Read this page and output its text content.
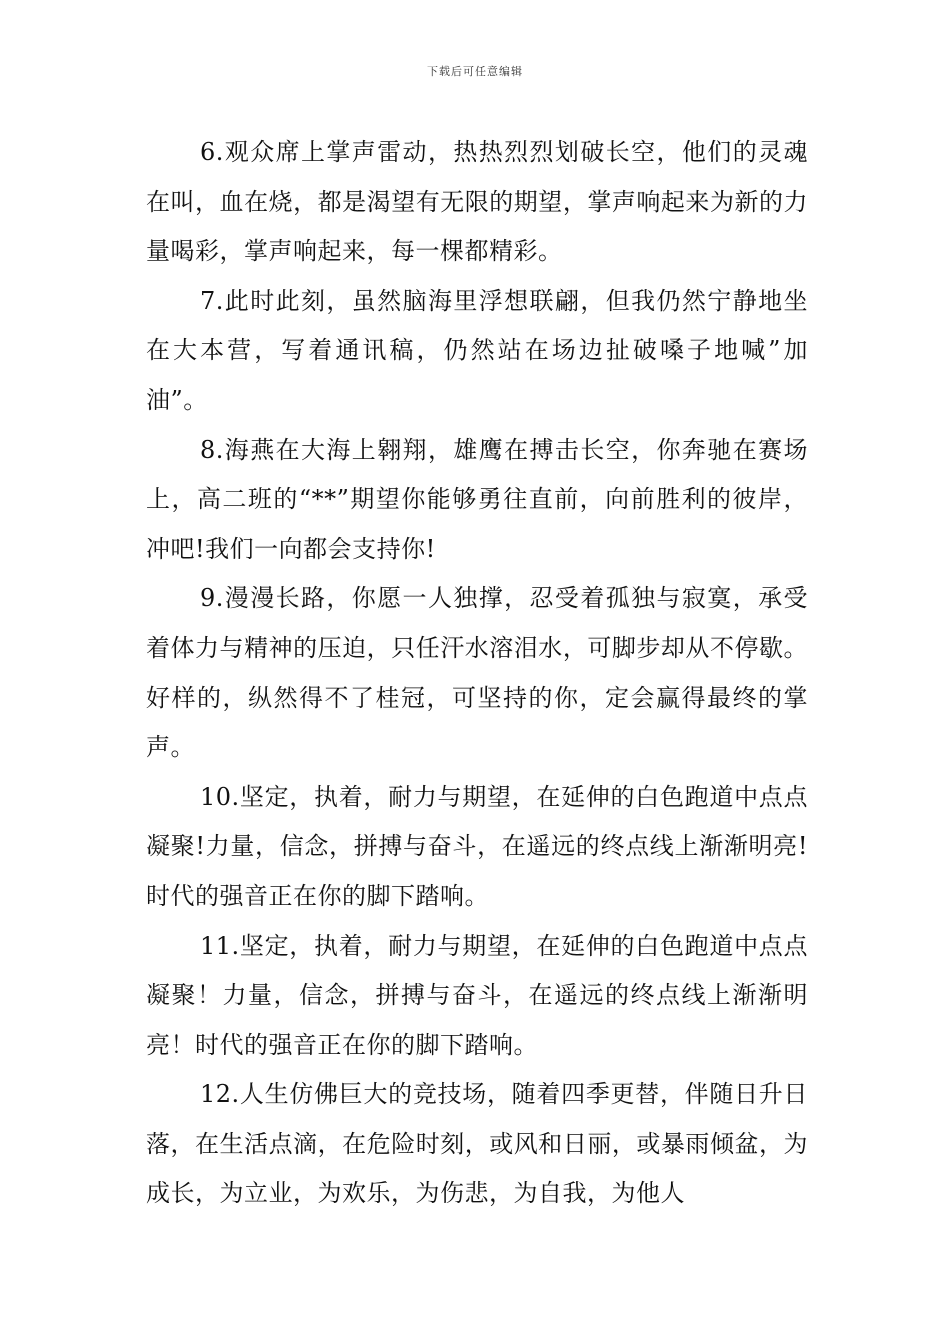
下载后可任意编辑

6.观众席上掌声雷动，热热烈烈划破长空，他们的灵魂在叫，血在烧，都是渴望有无限的期望，掌声响起来为新的力量喝彩，掌声响起来，每一棵都精彩。

7.此时此刻，虽然脑海里浮想联翩，但我仍然宁静地坐在大本营，写着通讯稿，仍然站在场边扯破嗓子地喊”加油”。

8.海燕在大海上翱翔，雄鹰在搏击长空，你奔驰在赛场上，高二班的“**”期望你能够勇往直前，向前胜利的彼岸，冲吧!我们一向都会支持你!

9.漫漫长路，你愿一人独撑，忍受着孤独与寂寞，承受着体力与精神的压迫，只任汗水溶泪水，可脚步却从不停歇。好样的，纵然得不了桂冠，可坚持的你，定会赢得最终的掌声。

10.坚定，执着，耐力与期望，在延伸的白色跑道中点点凝聚!力量，信念，拼搏与奋斗，在遥远的终点线上渐渐明亮!时代的强音正在你的脚下踏响。

11.坚定，执着，耐力与期望，在延伸的白色跑道中点点凝聚！力量，信念，拼搏与奋斗，在遥远的终点线上渐渐明亮！时代的强音正在你的脚下踏响。

12.人生仿佛巨大的竞技场，随着四季更替，伴随日升日落，在生活点滴，在危险时刻，或风和日丽，或暴雨倾盆，为成长，为立业，为欢乐，为伤悲，为自我，为他人
